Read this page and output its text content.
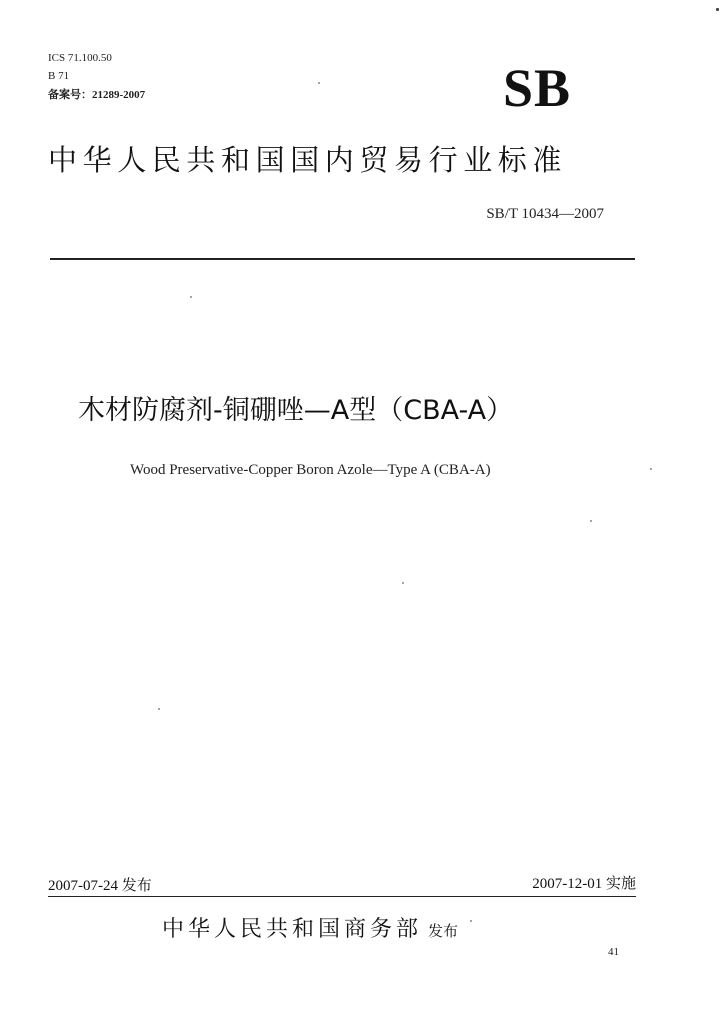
ICS 71.100.50
B 71
备案号：21289-2007	SB
中华人民共和国国内贸易行业标准
SB/T 10434—2007
木材防腐剂-铜硼唑—A型（CBA-A）
Wood Preservative-Copper Boron Azole—Type A (CBA-A)
2007-07-24 发布	2007-12-01 实施
中华人民共和国商务部 发布
41
